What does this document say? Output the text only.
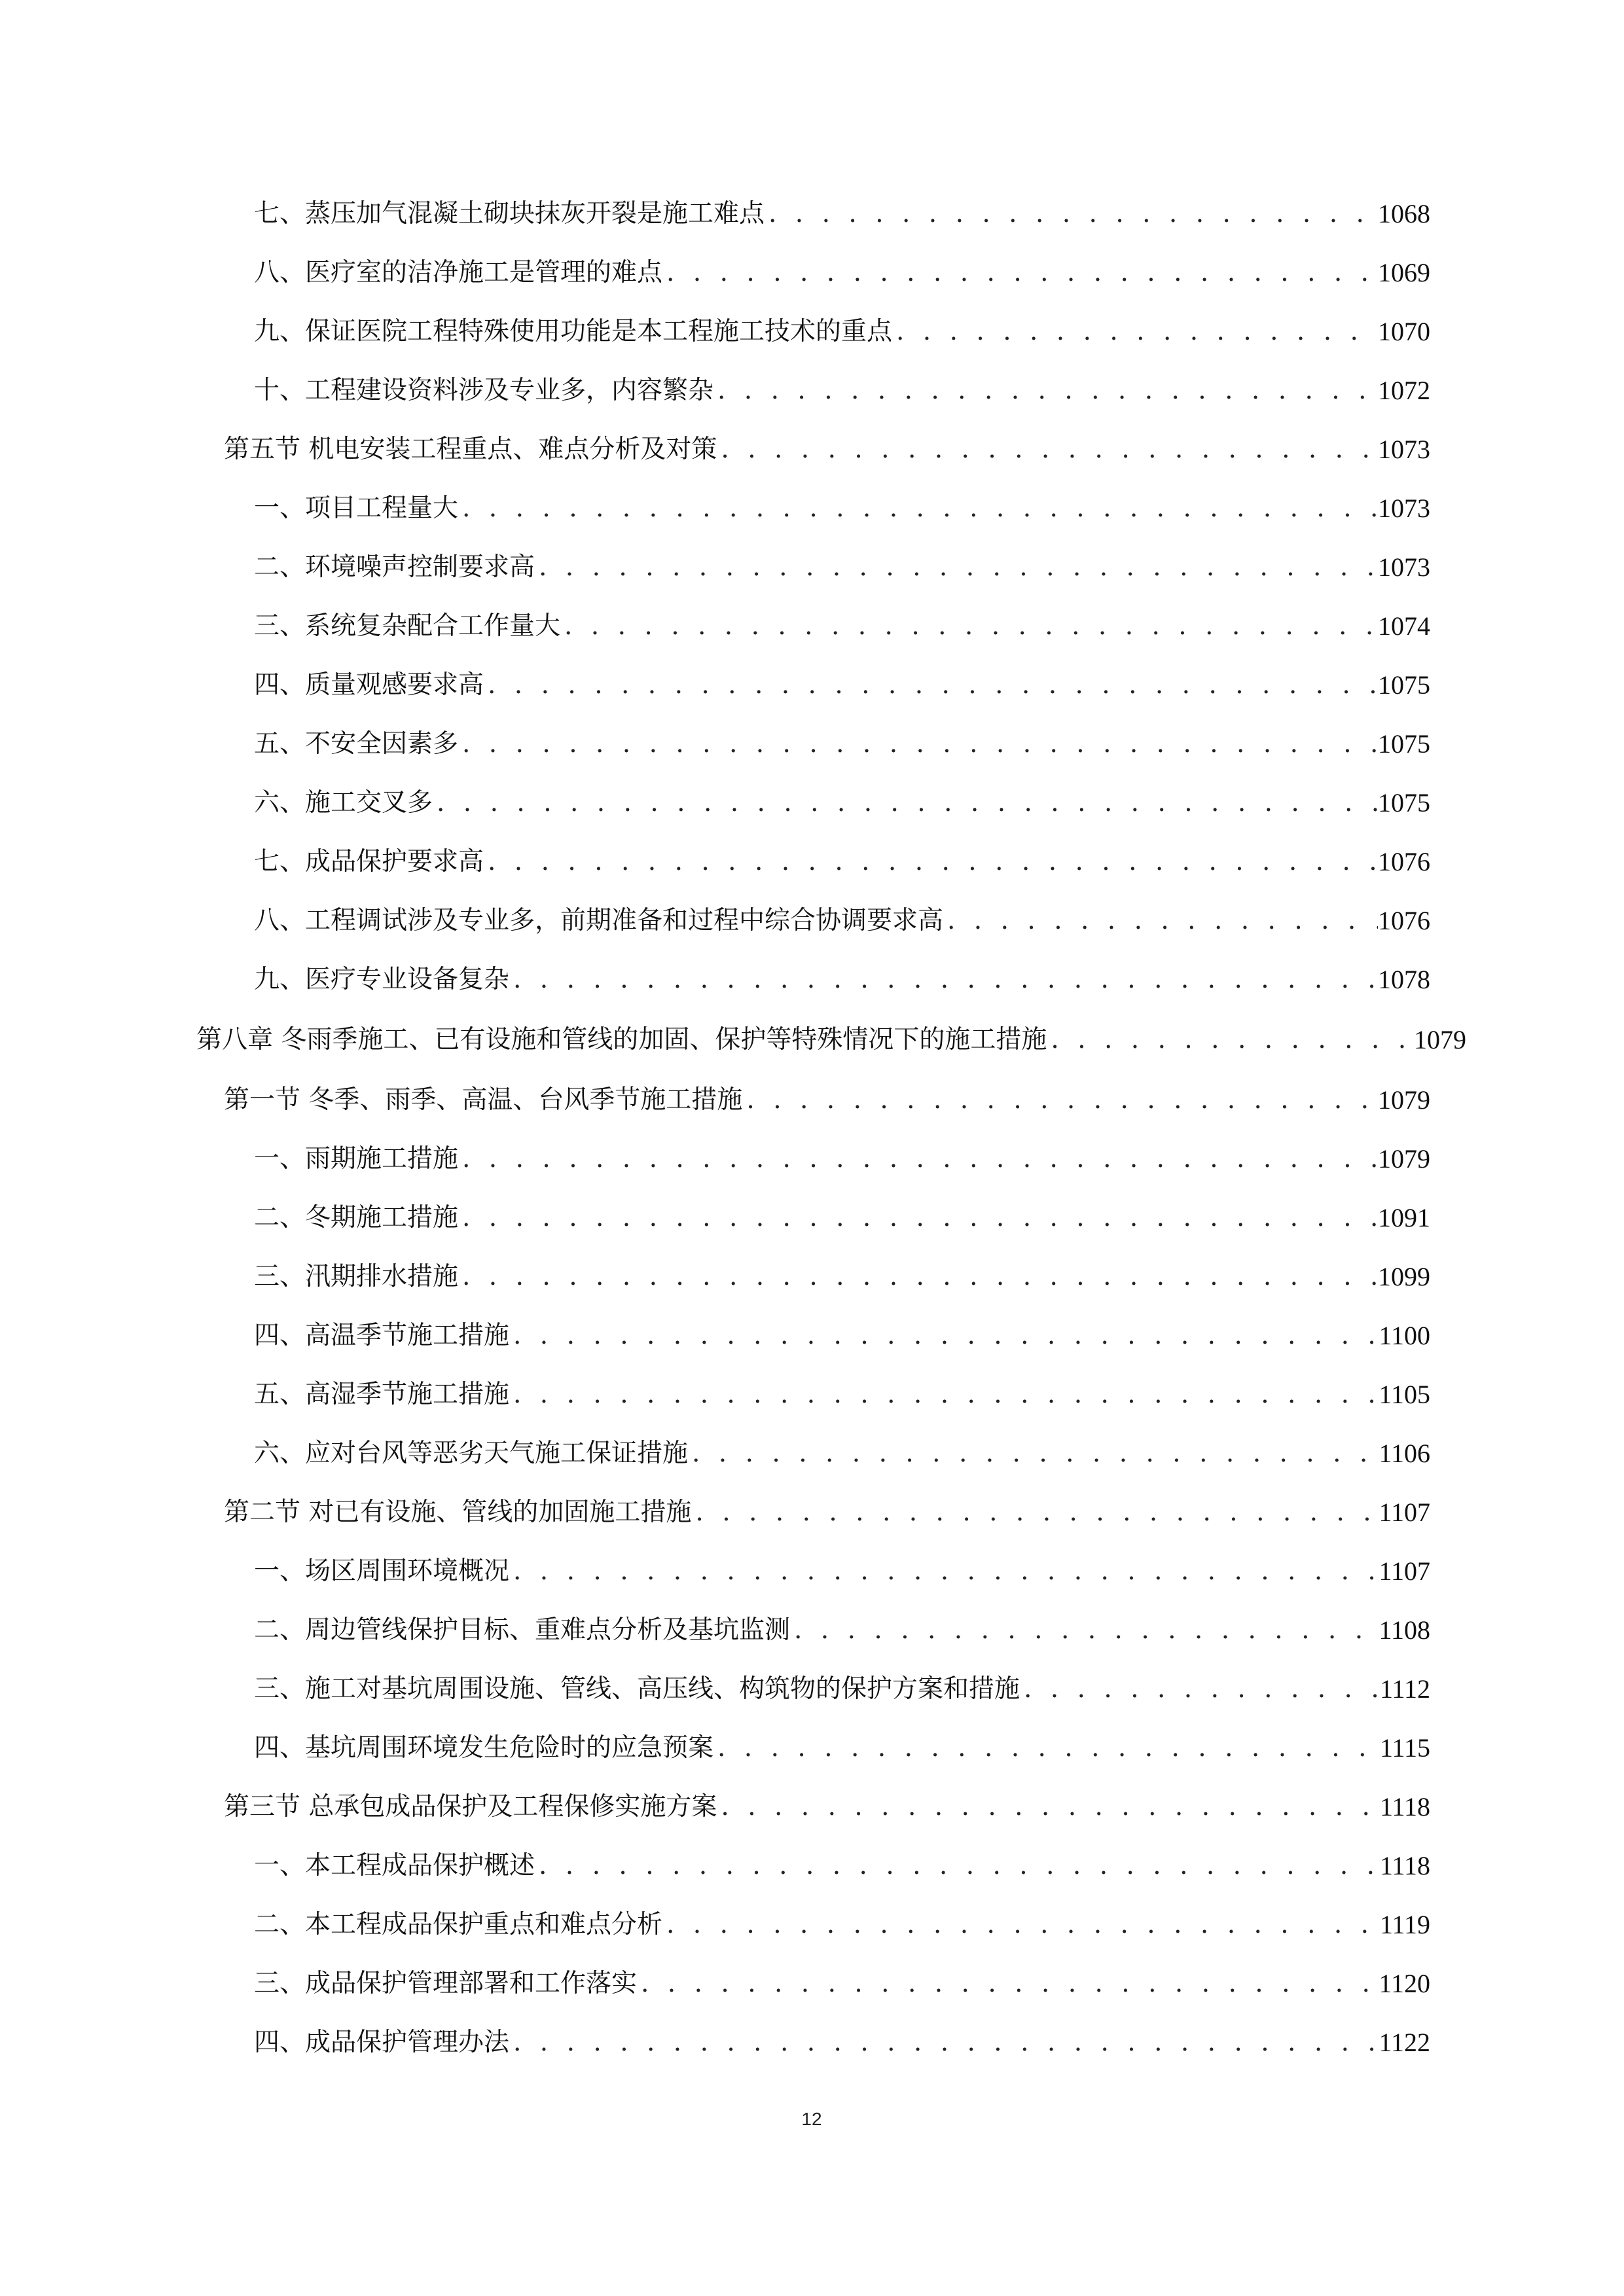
七、蒸压加气混凝土砌块抹灰开裂是施工难点 . . .	1068
八、医疗室的洁净施工是管理的难点 . . .	1069
九、保证医院工程特殊使用功能是本工程施工技术的重点 . . .	1070
十、工程建设资料涉及专业多，内容繁杂 . . .	1072
第五节 机电安装工程重点、难点分析及对策 . . .	1073
一、项目工程量大 . . .	1073
二、环境噪声控制要求高 . . .	1073
三、系统复杂配合工作量大 . . .	1074
四、质量观感要求高 . . .	1075
五、不安全因素多 . . .	1075
六、施工交叉多 . . .	1075
七、成品保护要求高 . . .	1076
八、工程调试涉及专业多，前期准备和过程中综合协调要求高 . . .	1076
九、医疗专业设备复杂 . . .	1078
第八章 冬雨季施工、已有设施和管线的加固、保护等特殊情况下的施工措施 . . .	1079
第一节 冬季、雨季、高温、台风季节施工措施 . . .	1079
一、雨期施工措施 . . .	1079
二、冬期施工措施 . . .	1091
三、汛期排水措施 . . .	1099
四、高温季节施工措施 . . .	1100
五、高湿季节施工措施 . . .	1105
六、应对台风等恶劣天气施工保证措施 . . .	1106
第二节 对已有设施、管线的加固施工措施 . . .	1107
一、场区周围环境概况 . . .	1107
二、周边管线保护目标、重难点分析及基坑监测 . . .	1108
三、施工对基坑周围设施、管线、高压线、构筑物的保护方案和措施 . . .	1112
四、基坑周围环境发生危险时的应急预案 . . .	1115
第三节 总承包成品保护及工程保修实施方案 . . .	1118
一、本工程成品保护概述 . . .	1118
二、本工程成品保护重点和难点分析 . . .	1119
三、成品保护管理部署和工作落实 . . .	1120
四、成品保护管理办法 . . .	1122
12
